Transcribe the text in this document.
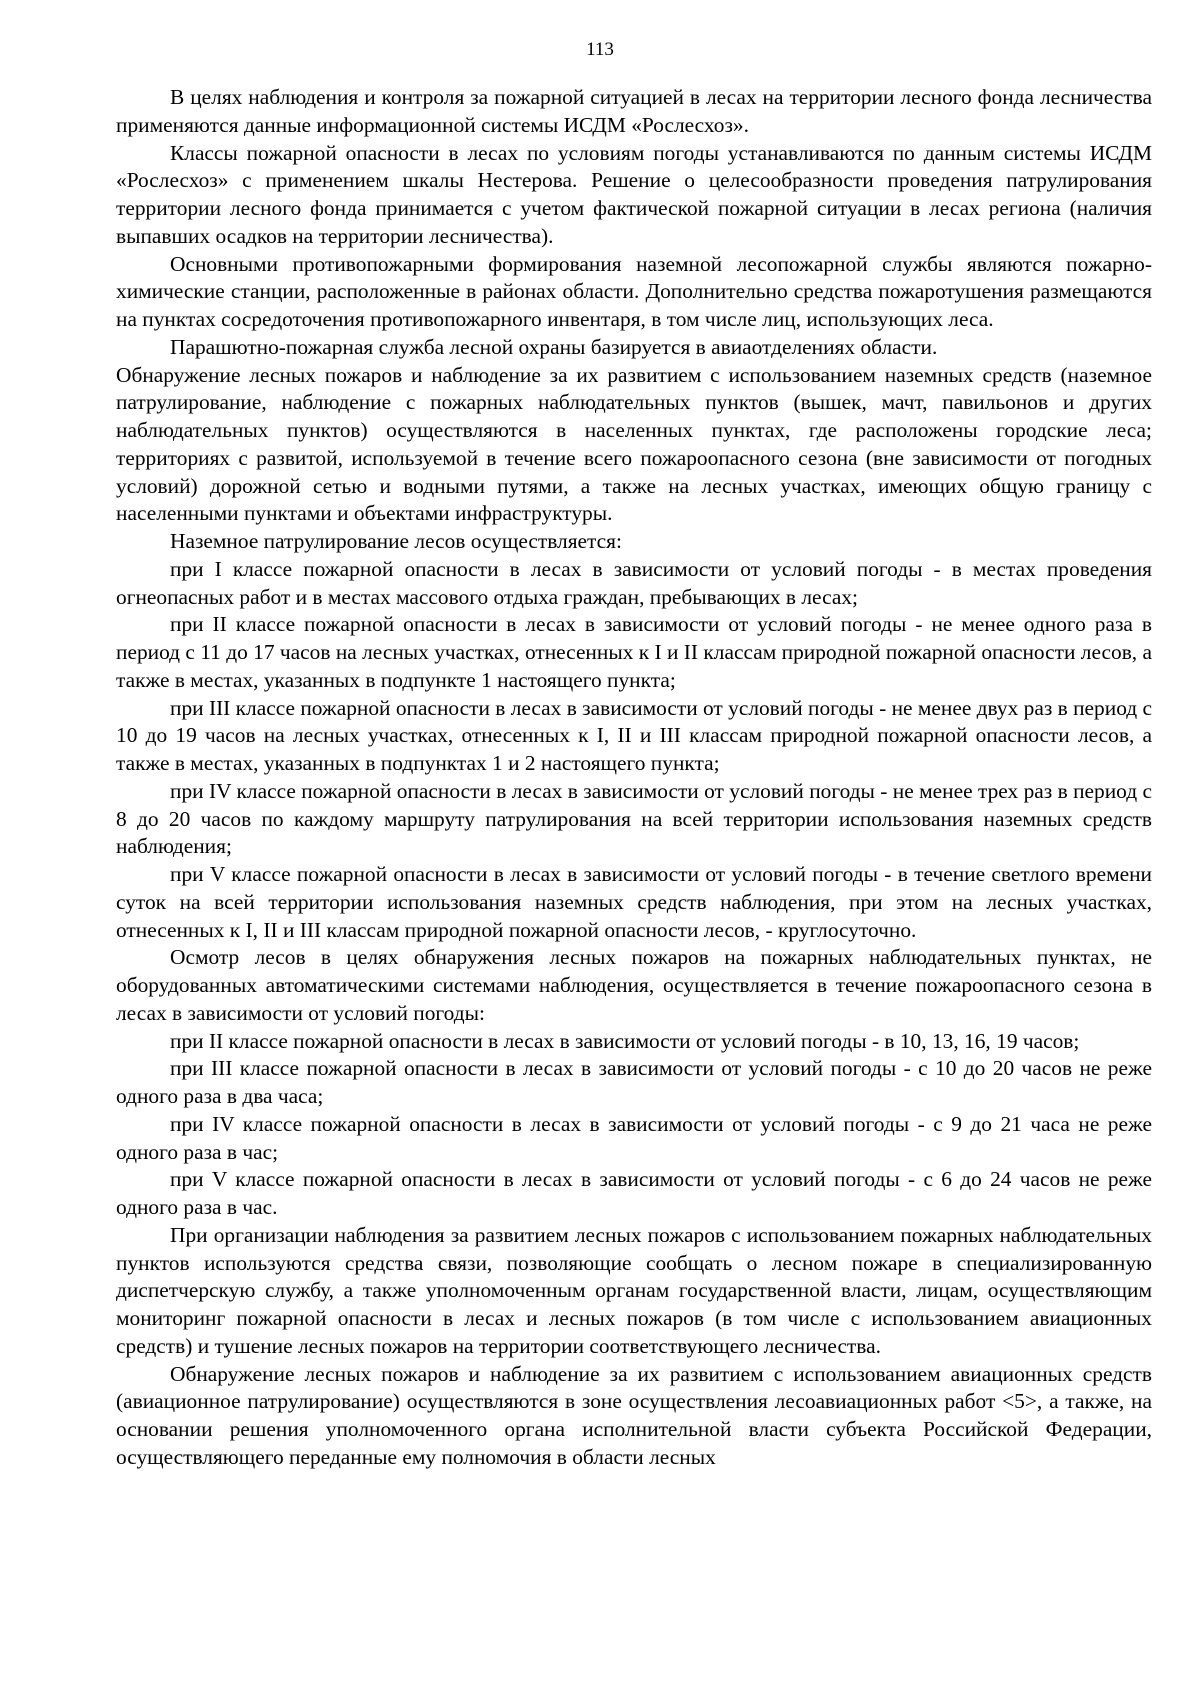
113

В целях наблюдения и контроля за пожарной ситуацией в лесах на территории лесного фонда лесничества применяются данные информационной системы ИСДМ «Рослесхоз».

Классы пожарной опасности в лесах по условиям погоды устанавливаются по данным системы ИСДМ «Рослесхоз» с применением шкалы Нестерова. Решение о целесообразности проведения патрулирования территории лесного фонда принимается с учетом фактической пожарной ситуации в лесах региона (наличия выпавших осадков на территории лесничества).

Основными противопожарными формирования наземной лесопожарной службы являются пожарно-химические станции, расположенные в районах области. Дополнительно средства пожаротушения размещаются на пунктах сосредоточения противопожарного инвентаря, в том числе лиц, использующих леса.

Парашютно-пожарная служба лесной охраны базируется в авиаотделениях области.

Обнаружение лесных пожаров и наблюдение за их развитием с использованием наземных средств (наземное патрулирование, наблюдение с пожарных наблюдательных пунктов (вышек, мачт, павильонов и других наблюдательных пунктов) осуществляются в населенных пунктах, где расположены городские леса; территориях с развитой, используемой в течение всего пожароопасного сезона (вне зависимости от погодных условий) дорожной сетью и водными путями, а также на лесных участках, имеющих общую границу с населенными пунктами и объектами инфраструктуры.

Наземное патрулирование лесов осуществляется:

при I классе пожарной опасности в лесах в зависимости от условий погоды - в местах проведения огнеопасных работ и в местах массового отдыха граждан, пребывающих в лесах;

при II классе пожарной опасности в лесах в зависимости от условий погоды - не менее одного раза в период с 11 до 17 часов на лесных участках, отнесенных к I и II классам природной пожарной опасности лесов, а также в местах, указанных в подпункте 1 настоящего пункта;

при III классе пожарной опасности в лесах в зависимости от условий погоды - не менее двух раз в период с 10 до 19 часов на лесных участках, отнесенных к I, II и III классам природной пожарной опасности лесов, а также в местах, указанных в подпунктах 1 и 2 настоящего пункта;

при IV классе пожарной опасности в лесах в зависимости от условий погоды - не менее трех раз в период с 8 до 20 часов по каждому маршруту патрулирования на всей территории использования наземных средств наблюдения;

при V классе пожарной опасности в лесах в зависимости от условий погоды - в течение светлого времени суток на всей территории использования наземных средств наблюдения, при этом на лесных участках, отнесенных к I, II и III классам природной пожарной опасности лесов, - круглосуточно.

Осмотр лесов в целях обнаружения лесных пожаров на пожарных наблюдательных пунктах, не оборудованных автоматическими системами наблюдения, осуществляется в течение пожароопасного сезона в лесах в зависимости от условий погоды:

при II классе пожарной опасности в лесах в зависимости от условий погоды - в 10, 13, 16, 19 часов;

при III классе пожарной опасности в лесах в зависимости от условий погоды - с 10 до 20 часов не реже одного раза в два часа;

при IV классе пожарной опасности в лесах в зависимости от условий погоды - с 9 до 21 часа не реже одного раза в час;

при V классе пожарной опасности в лесах в зависимости от условий погоды - с 6 до 24 часов не реже одного раза в час.

При организации наблюдения за развитием лесных пожаров с использованием пожарных наблюдательных пунктов используются средства связи, позволяющие сообщать о лесном пожаре в специализированную диспетчерскую службу, а также уполномоченным органам государственной власти, лицам, осуществляющим мониторинг пожарной опасности в лесах и лесных пожаров (в том числе с использованием авиационных средств) и тушение лесных пожаров на территории соответствующего лесничества.

Обнаружение лесных пожаров и наблюдение за их развитием с использованием авиационных средств (авиационное патрулирование) осуществляются в зоне осуществления лесоавиационных работ <5>, а также, на основании решения уполномоченного органа исполнительной власти субъекта Российской Федерации, осуществляющего переданные ему полномочия в области лесных
